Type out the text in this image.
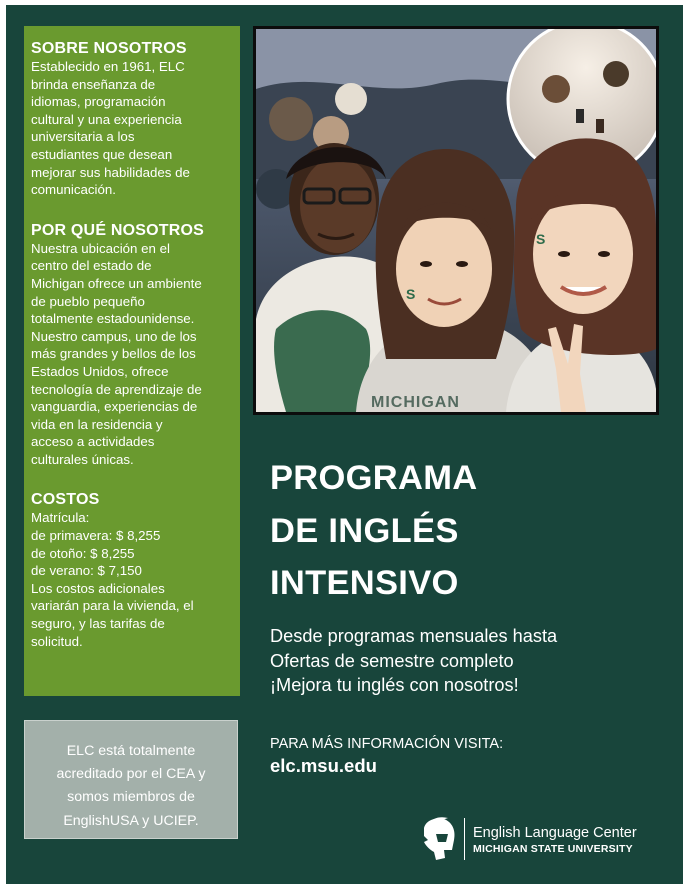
SOBRE NOSOTROS
Establecido en 1961, ELC
brinda enseñanza de
idiomas, programación
cultural y una experiencia
universitaria a los
estudiantes que desean
mejorar sus habilidades de
comunicación.
POR QUÉ NOSOTROS
Nuestra ubicación en el
centro del estado de
Michigan ofrece un ambiente
de pueblo pequeño
totalmente estadounidense.
Nuestro campus, uno de los
más grandes y bellos de los
Estados Unidos, ofrece
tecnología de aprendizaje de
vanguardia, experiencias de
vida en la residencia y
acceso a actividades
culturales únicas.
COSTOS
Matrícula:
de primavera: $ 8,255
de otoño: $ 8,255
de verano: $ 7,150
Los costos adicionales
variarán para la vivienda, el
seguro, y las tarifas de
solicitud.
ELC está totalmente
acreditado por el CEA y
somos miembros de
EnglishUSA y UCIEP.
S
S
MICHIGAN
PROGRAMA
DE INGLÉS
INTENSIVO
Desde programas mensuales hasta
Ofertas de semestre completo
¡Mejora tu inglés con nosotros!
PARA MÁS INFORMACIÓN VISITA:
elc.msu.edu
English Language Center
MICHIGAN STATE UNIVERSITY
